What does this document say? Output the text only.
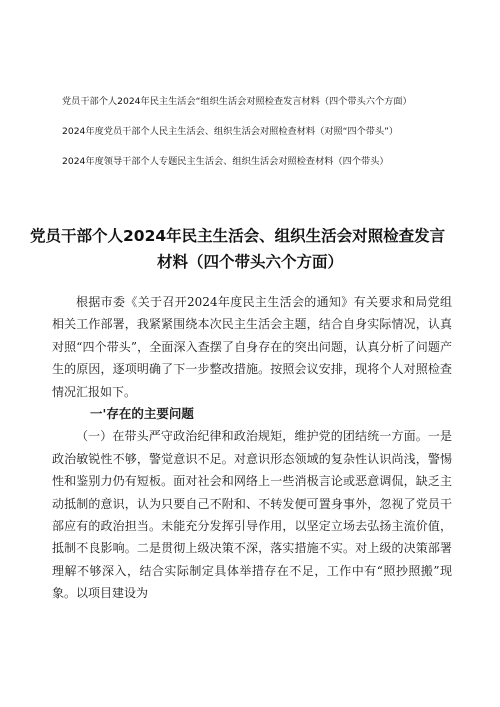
党员干部个人2024年民主生活会“组织生活会对照检查发言材料（四个带头六个方面）
2024年度党员干部个人民主生活会、组织生活会对照检查材料（对照“四个带头”）
2024年度领导干部个人专题民主生活会、组织生活会对照检查材料（四个带头）
党员干部个人2024年民主生活会、组织生活会对照检查发言
材料（四个带头六个方面）

根据市委《关于召开2024年度民主生活会的通知》有关要求和局党组相关工作部署，我紧紧围绕本次民主生活会主题，结合自身实际情况，认真对照“四个带头”，全面深入查摆了自身存在的突出问题，认真分析了问题产生的原因，逐项明确了下一步整改措施。按照会议安排，现将个人对照检查情况汇报如下。

一'存在的主要问题

（一）在带头严守政治纪律和政治规矩，维护党的团结统一方面。一是政治敏锐性不够，警觉意识不足。对意识形态领域的复杂性认识尚浅，警惕性和鉴别力仍有短板。面对社会和网络上一些消极言论或恶意调侃，缺乏主动抵制的意识，认为只要自己不附和、不转发便可置身事外，忽视了党员干部应有的政治担当。未能充分发挥引导作用，以坚定立场去弘扬主流价值，抵制不良影响。二是贯彻上级决策不深，落实措施不实。对上级的决策部署理解不够深入，结合实际制定具体举措存在不足，工作中有“照抄照搬”现象。以项目建设为
